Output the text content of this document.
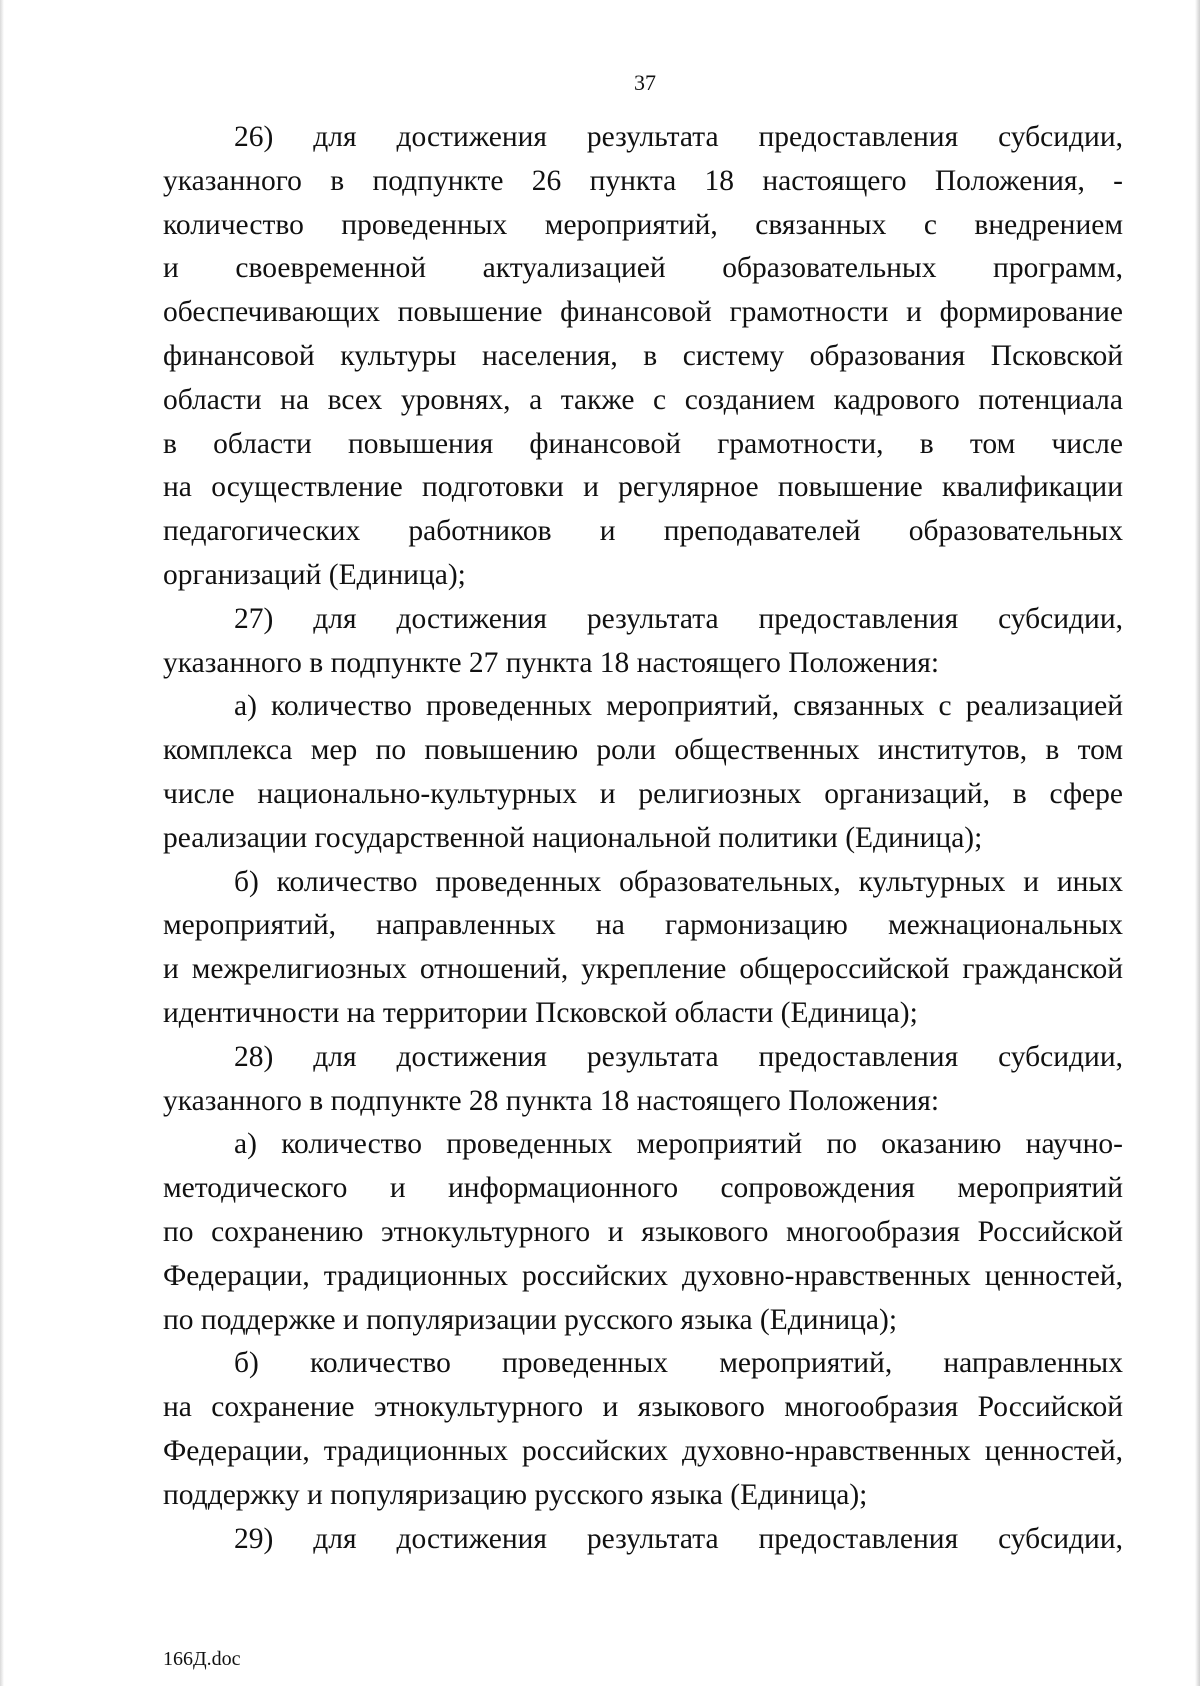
37
26) для достижения результата предоставления субсидии,
указанного в подпункте 26 пункта 18 настоящего Положения, -
количество проведенных мероприятий, связанных с внедрением
и своевременной актуализацией образовательных программ,
обеспечивающих повышение финансовой грамотности и формирование
финансовой культуры населения, в систему образования Псковской
области на всех уровнях, а также с созданием кадрового потенциала
в области повышения финансовой грамотности, в том числе
на осуществление подготовки и регулярное повышение квалификации
педагогических работников и преподавателей образовательных
организаций (Единица);
27) для достижения результата предоставления субсидии,
указанного в подпункте 27 пункта 18 настоящего Положения:
а) количество проведенных мероприятий, связанных с реализацией
комплекса мер по повышению роли общественных институтов, в том
числе национально-культурных и религиозных организаций, в сфере
реализации государственной национальной политики (Единица);
б) количество проведенных образовательных, культурных и иных
мероприятий, направленных на гармонизацию межнациональных
и межрелигиозных отношений, укрепление общероссийской гражданской
идентичности на территории Псковской области (Единица);
28) для достижения результата предоставления субсидии,
указанного в подпункте 28 пункта 18 настоящего Положения:
а) количество проведенных мероприятий по оказанию научно-
методического и информационного сопровождения мероприятий
по сохранению этнокультурного и языкового многообразия Российской
Федерации, традиционных российских духовно-нравственных ценностей,
по поддержке и популяризации русского языка (Единица);
б) количество проведенных мероприятий, направленных
на сохранение этнокультурного и языкового многообразия Российской
Федерации, традиционных российских духовно-нравственных ценностей,
поддержку и популяризацию русского языка (Единица);
29) для достижения результата предоставления субсидии,
166Д.doc
